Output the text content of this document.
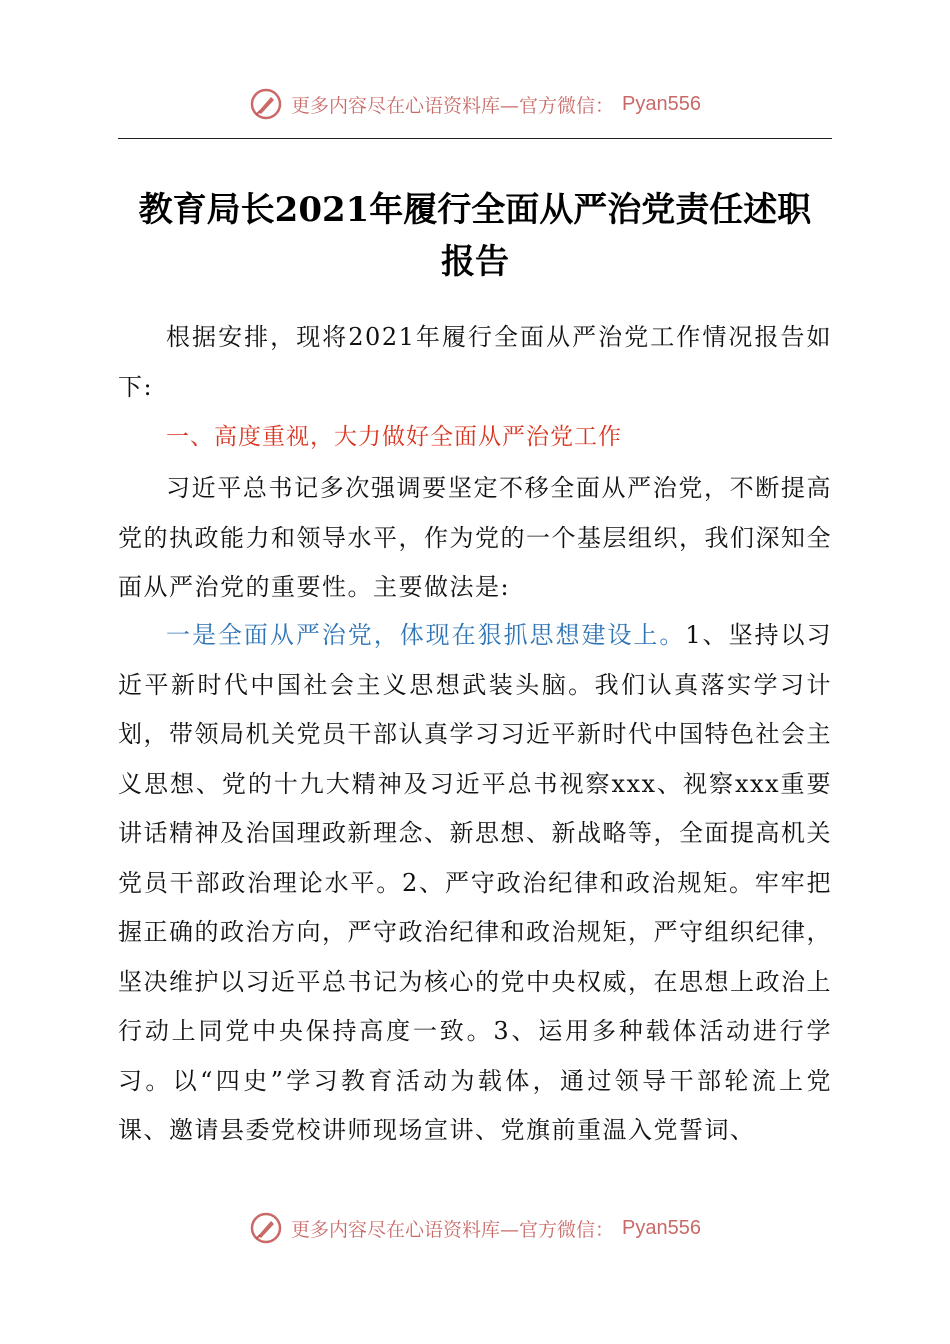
更多内容尽在心语资料库—官方微信： Pyan556
教育局长2021年履行全面从严治党责任述职
报告
根据安排，现将2021年履行全面从严治党工作情况报告如下:
一、高度重视，大力做好全面从严治党工作
习近平总书记多次强调要坚定不移全面从严治党，不断提高党的执政能力和领导水平，作为党的一个基层组织，我们深知全面从严治党的重要性。主要做法是:
一是全面从严治党，体现在狠抓思想建设上。1、坚持以习近平新时代中国社会主义思想武装头脑。我们认真落实学习计划，带领局机关党员干部认真学习习近平新时代中国特色社会主义思想、党的十九大精神及习近平总书视察xxx、视察xxx重要讲话精神及治国理政新理念、新思想、新战略等，全面提高机关党员干部政治理论水平。2、严守政治纪律和政治规矩。牢牢把握正确的政治方向，严守政治纪律和政治规矩，严守组织纪律，坚决维护以习近平总书记为核心的党中央权威，在思想上政治上行动上同党中央保持高度一致。3、运用多种载体活动进行学习。以“四史”学习教育活动为载体，通过领导干部轮流上党课、邀请县委党校讲师现场宣讲、党旗前重温入党誓词、
更多内容尽在心语资料库—官方微信： Pyan556
